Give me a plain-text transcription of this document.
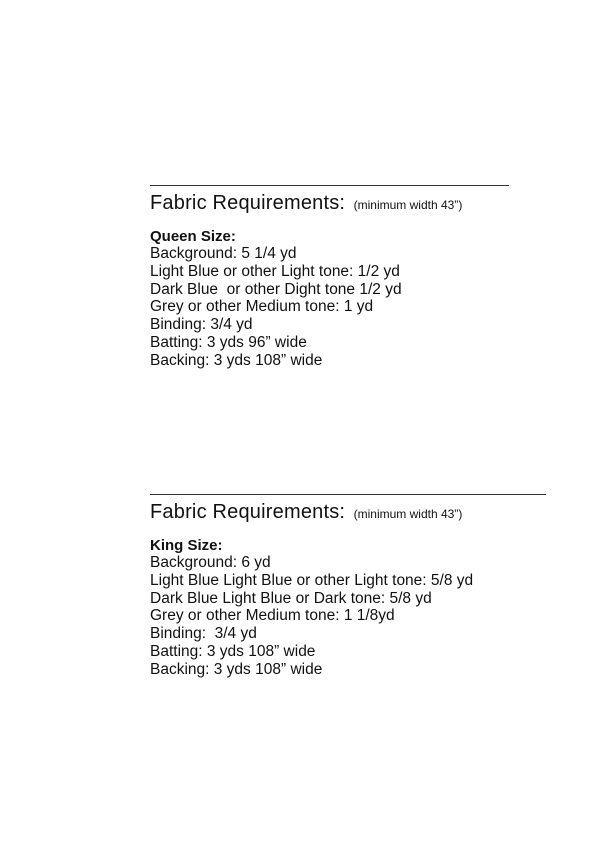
Fabric Requirements: (minimum width 43”)
Queen Size:
Background: 5 1/4 yd
Light Blue or other Light tone: 1/2 yd
Dark Blue  or other Dight tone 1/2 yd
Grey or other Medium tone: 1 yd
Binding: 3/4 yd
Batting: 3 yds 96” wide
Backing: 3 yds 108” wide
Fabric Requirements: (minimum width 43”)
King Size:
Background: 6 yd
Light Blue Light Blue or other Light tone: 5/8 yd
Dark Blue Light Blue or Dark tone: 5/8 yd
Grey or other Medium tone: 1 1/8yd
Binding:  3/4 yd
Batting: 3 yds 108” wide
Backing: 3 yds 108” wide
